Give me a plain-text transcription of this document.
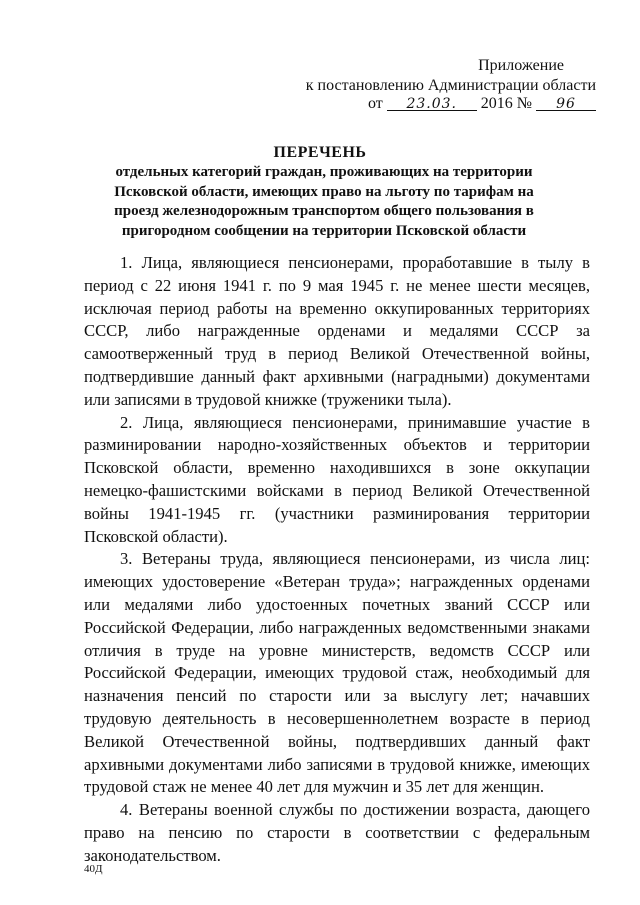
Приложение
к постановлению Администрации области
от 23.03. 2016 № 96
ПЕРЕЧЕНЬ
отдельных категорий граждан, проживающих на территории Псковской области, имеющих право на льготу по тарифам на проезд железнодорожным транспортом общего пользования в пригородном сообщении на территории Псковской области

1. Лица, являющиеся пенсионерами, проработавшие в тылу в период с 22 июня 1941 г. по 9 мая 1945 г. не менее шести месяцев, исключая период работы на временно оккупированных территориях СССР, либо награжденные орденами и медалями СССР за самоотверженный труд в период Великой Отечественной войны, подтвердившие данный факт архивными (наградными) документами или записями в трудовой книжке (труженики тыла).

2. Лица, являющиеся пенсионерами, принимавшие участие в разминировании народно-хозяйственных объектов и территории Псковской области, временно находившихся в зоне оккупации немецко-фашистскими войсками в период Великой Отечественной войны 1941-1945 гг. (участники разминирования территории Псковской области).

3. Ветераны труда, являющиеся пенсионерами, из числа лиц: имеющих удостоверение «Ветеран труда»; награжденных орденами или медалями либо удостоенных почетных званий СССР или Российской Федерации, либо награжденных ведомственными знаками отличия в труде на уровне министерств, ведомств СССР или Российской Федерации, имеющих трудовой стаж, необходимый для назначения пенсий по старости или за выслугу лет; начавших трудовую деятельность в несовершеннолетнем возрасте в период Великой Отечественной войны, подтвердивших данный факт архивными документами либо записями в трудовой книжке, имеющих трудовой стаж не менее 40 лет для мужчин и 35 лет для женщин.

4. Ветераны военной службы по достижении возраста, дающего право на пенсию по старости в соответствии с федеральным законодательством.

40Д
